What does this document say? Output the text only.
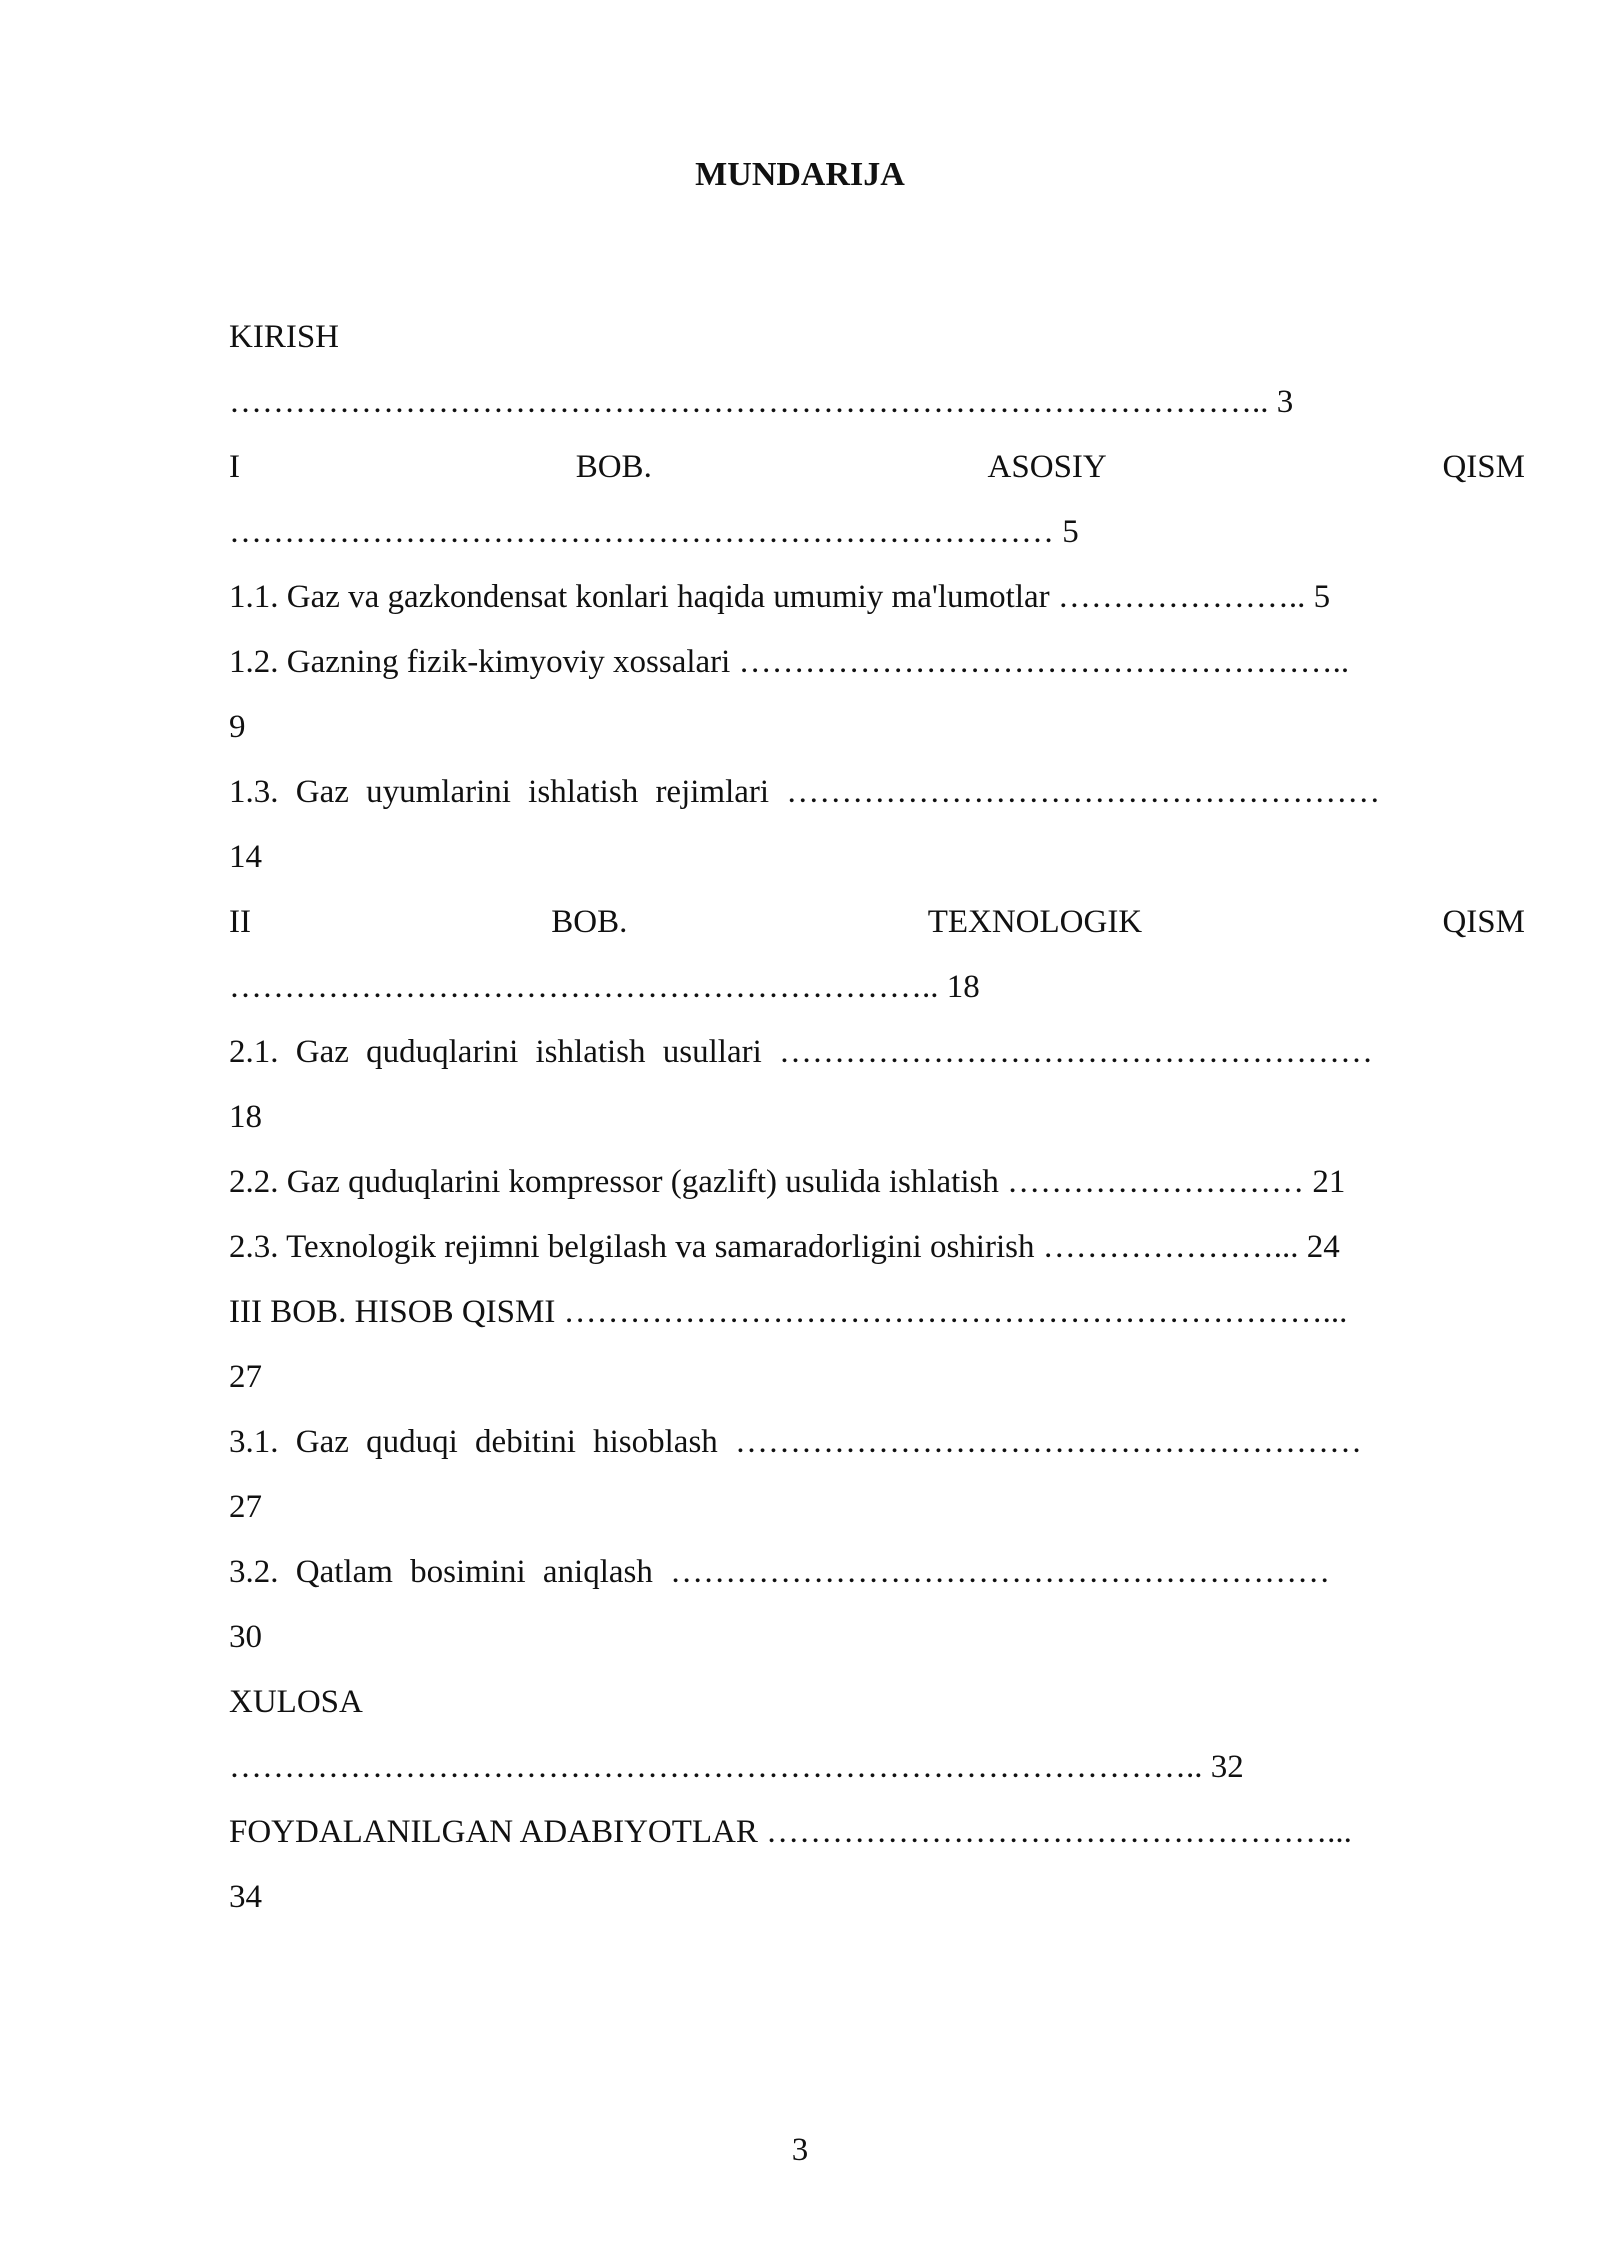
MUNDARIJA
KIRISH
………………………………………………………………………………….. 3
I	BOB.	ASOSIY	QISM
………………………………………………………………… 5
1.1. Gaz va gazkondensat konlari haqida umumiy ma'lumotlar ………………….. 5
1.2. Gazning fizik-kimyoviy xossalari ………………………………………………..
9
1.3. Gaz uyumlarini ishlatish rejimlari ………………………………………………
14
II	BOB.	TEXNOLOGIK	QISM
……………………………………………………….. 18
2.1. Gaz quduqlarini ishlatish usullari ………………………………………………
18
2.2. Gaz quduqlarini kompressor (gazlift) usulida ishlatish ……………………… 21
2.3. Texnologik rejimni belgilash va samaradorligini oshirish …………………... 24
III BOB. HISOB QISMI ……………………………………………………………...
27
3.1. Gaz quduqi debitini hisoblash …………………………………………………
27
3.2. Qatlam bosimini aniqlash ……………………………………………………
30
XULOSA
…………………………………………………………………………….. 32
FOYDALANILGAN ADABIYOTLAR ……………………………………………...
34
3
